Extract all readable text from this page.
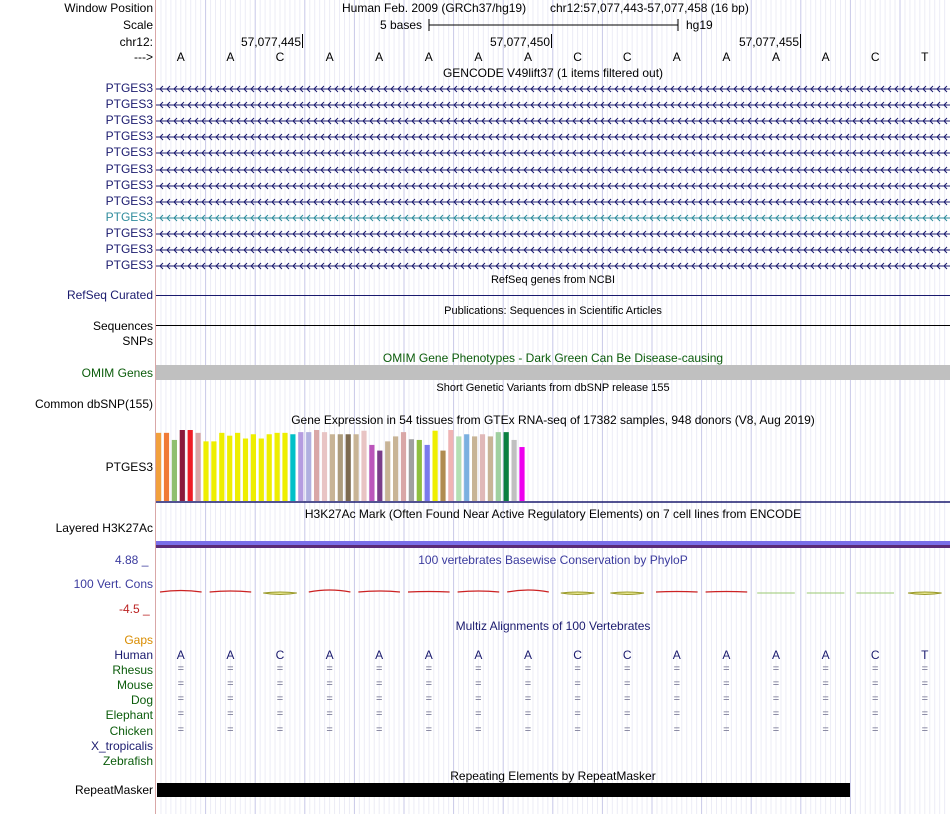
Window Position	Human Feb. 2009 (GRCh37/hg19) chr12:57,077,443-57,077,458 (16 bp)
Scale	5 bases	hg19
chr12:	57,077,445	57,077,450	57,077,455
--->	A	A	C	A	A	A	A	A	C	C	A	A	A	A	C	T
GENCODE V49lift37 (1 items filtered out)
PTGES3
PTGES3
PTGES3
PTGES3
PTGES3
PTGES3
PTGES3
PTGES3
PTGES3
PTGES3
PTGES3
PTGES3
RefSeq genes from NCBI
RefSeq Curated
Publications: Sequences in Scientific Articles
Sequences
SNPs
OMIM Gene Phenotypes - Dark Green Can Be Disease-causing
OMIM Genes
Short Genetic Variants from dbSNP release 155
Common dbSNP(155)
Gene Expression in 54 tissues from GTEx RNA-seq of 17382 samples, 948 donors (V8, Aug 2019)
PTGES3
H3K27Ac Mark (Often Found Near Active Regulatory Elements) on 7 cell lines from ENCODE
Layered H3K27Ac
100 vertebrates Basewise Conservation by PhyloP
4.88 _
100 Vert. Cons
-4.5 _
Multiz Alignments of 100 Vertebrates
Gaps
Human	A	A	C	A	A	A	A	A	C	C	A	A	A	A	C	T
Rhesus	=	=	=	=	=	=	=	=	=	=	=	=	=	=	=	=
Mouse	=	=	=	=	=	=	=	=	=	=	=	=	=	=	=	=
Dog	=	=	=	=	=	=	=	=	=	=	=	=	=	=	=	=
Elephant	=	=	=	=	=	=	=	=	=	=	=	=	=	=	=	=
Chicken	=	=	=	=	=	=	=	=	=	=	=	=	=	=	=	=
X_tropicalis
Zebrafish
Repeating Elements by RepeatMasker
RepeatMasker
